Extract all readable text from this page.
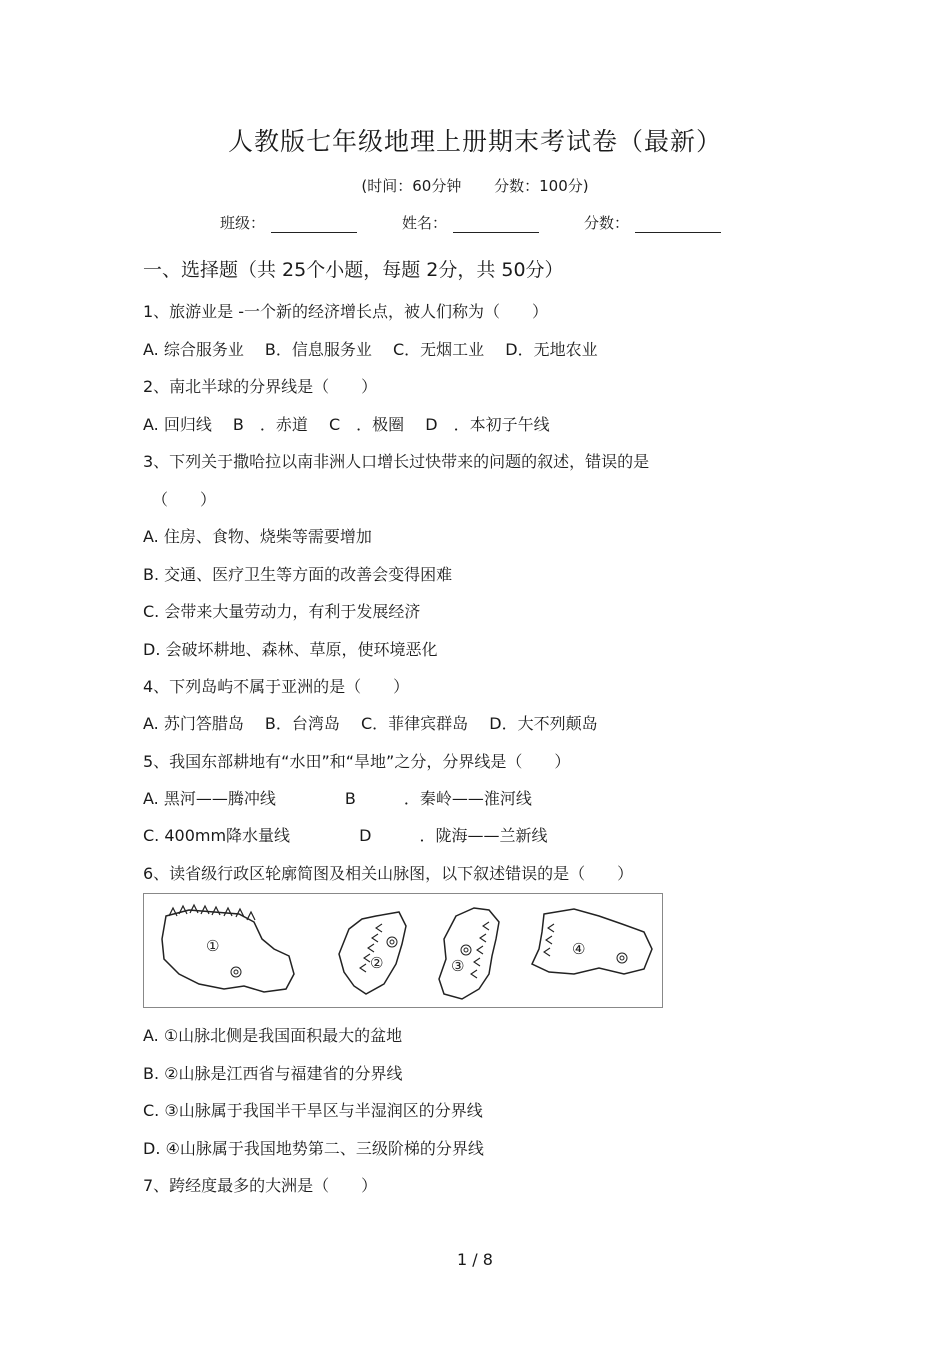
人教版七年级地理上册期末考试卷（最新）
(时间：60分钟 分数：100分)
班级：	姓名：	分数：
一、选择题（共 25个小题，每题 2分，共 50分）
1、旅游业是 -一个新的经济增长点，被人们称为（　　）
A. 综合服务业　 B．信息服务业　 C．无烟工业　 D．无地农业
2、南北半球的分界线是（　　）
A. 回归线　 B　．赤道　 C　．极圈　 D　．本初子午线
3、下列关于撒哈拉以南非洲人口增长过快带来的问题的叙述，错误的是
（　　）
A. 住房、食物、烧柴等需要增加
B. 交通、医疗卫生等方面的改善会变得困难
C. 会带来大量劳动力，有利于发展经济
D. 会破坏耕地、森林、草原，使环境恶化
4、下列岛屿不属于亚洲的是（　　）
A. 苏门答腊岛　 B．台湾岛　 C．菲律宾群岛　 D．大不列颠岛
5、我国东部耕地有“水田”和“旱地”之分，分界线是（　　）
A. 黑河——腾冲线　　　　 B　　　．秦岭——淮河线
C. 400mm降水量线　　　　 D　　　．陇海——兰新线
6、读省级行政区轮廓简图及相关山脉图，以下叙述错误的是（　　）
①
②	③
④
A. ①山脉北侧是我国面积最大的盆地
B. ②山脉是江西省与福建省的分界线
C. ③山脉属于我国半干旱区与半湿润区的分界线
D. ④山脉属于我国地势第二、三级阶梯的分界线
7、跨经度最多的大洲是（　　）
1 / 8
